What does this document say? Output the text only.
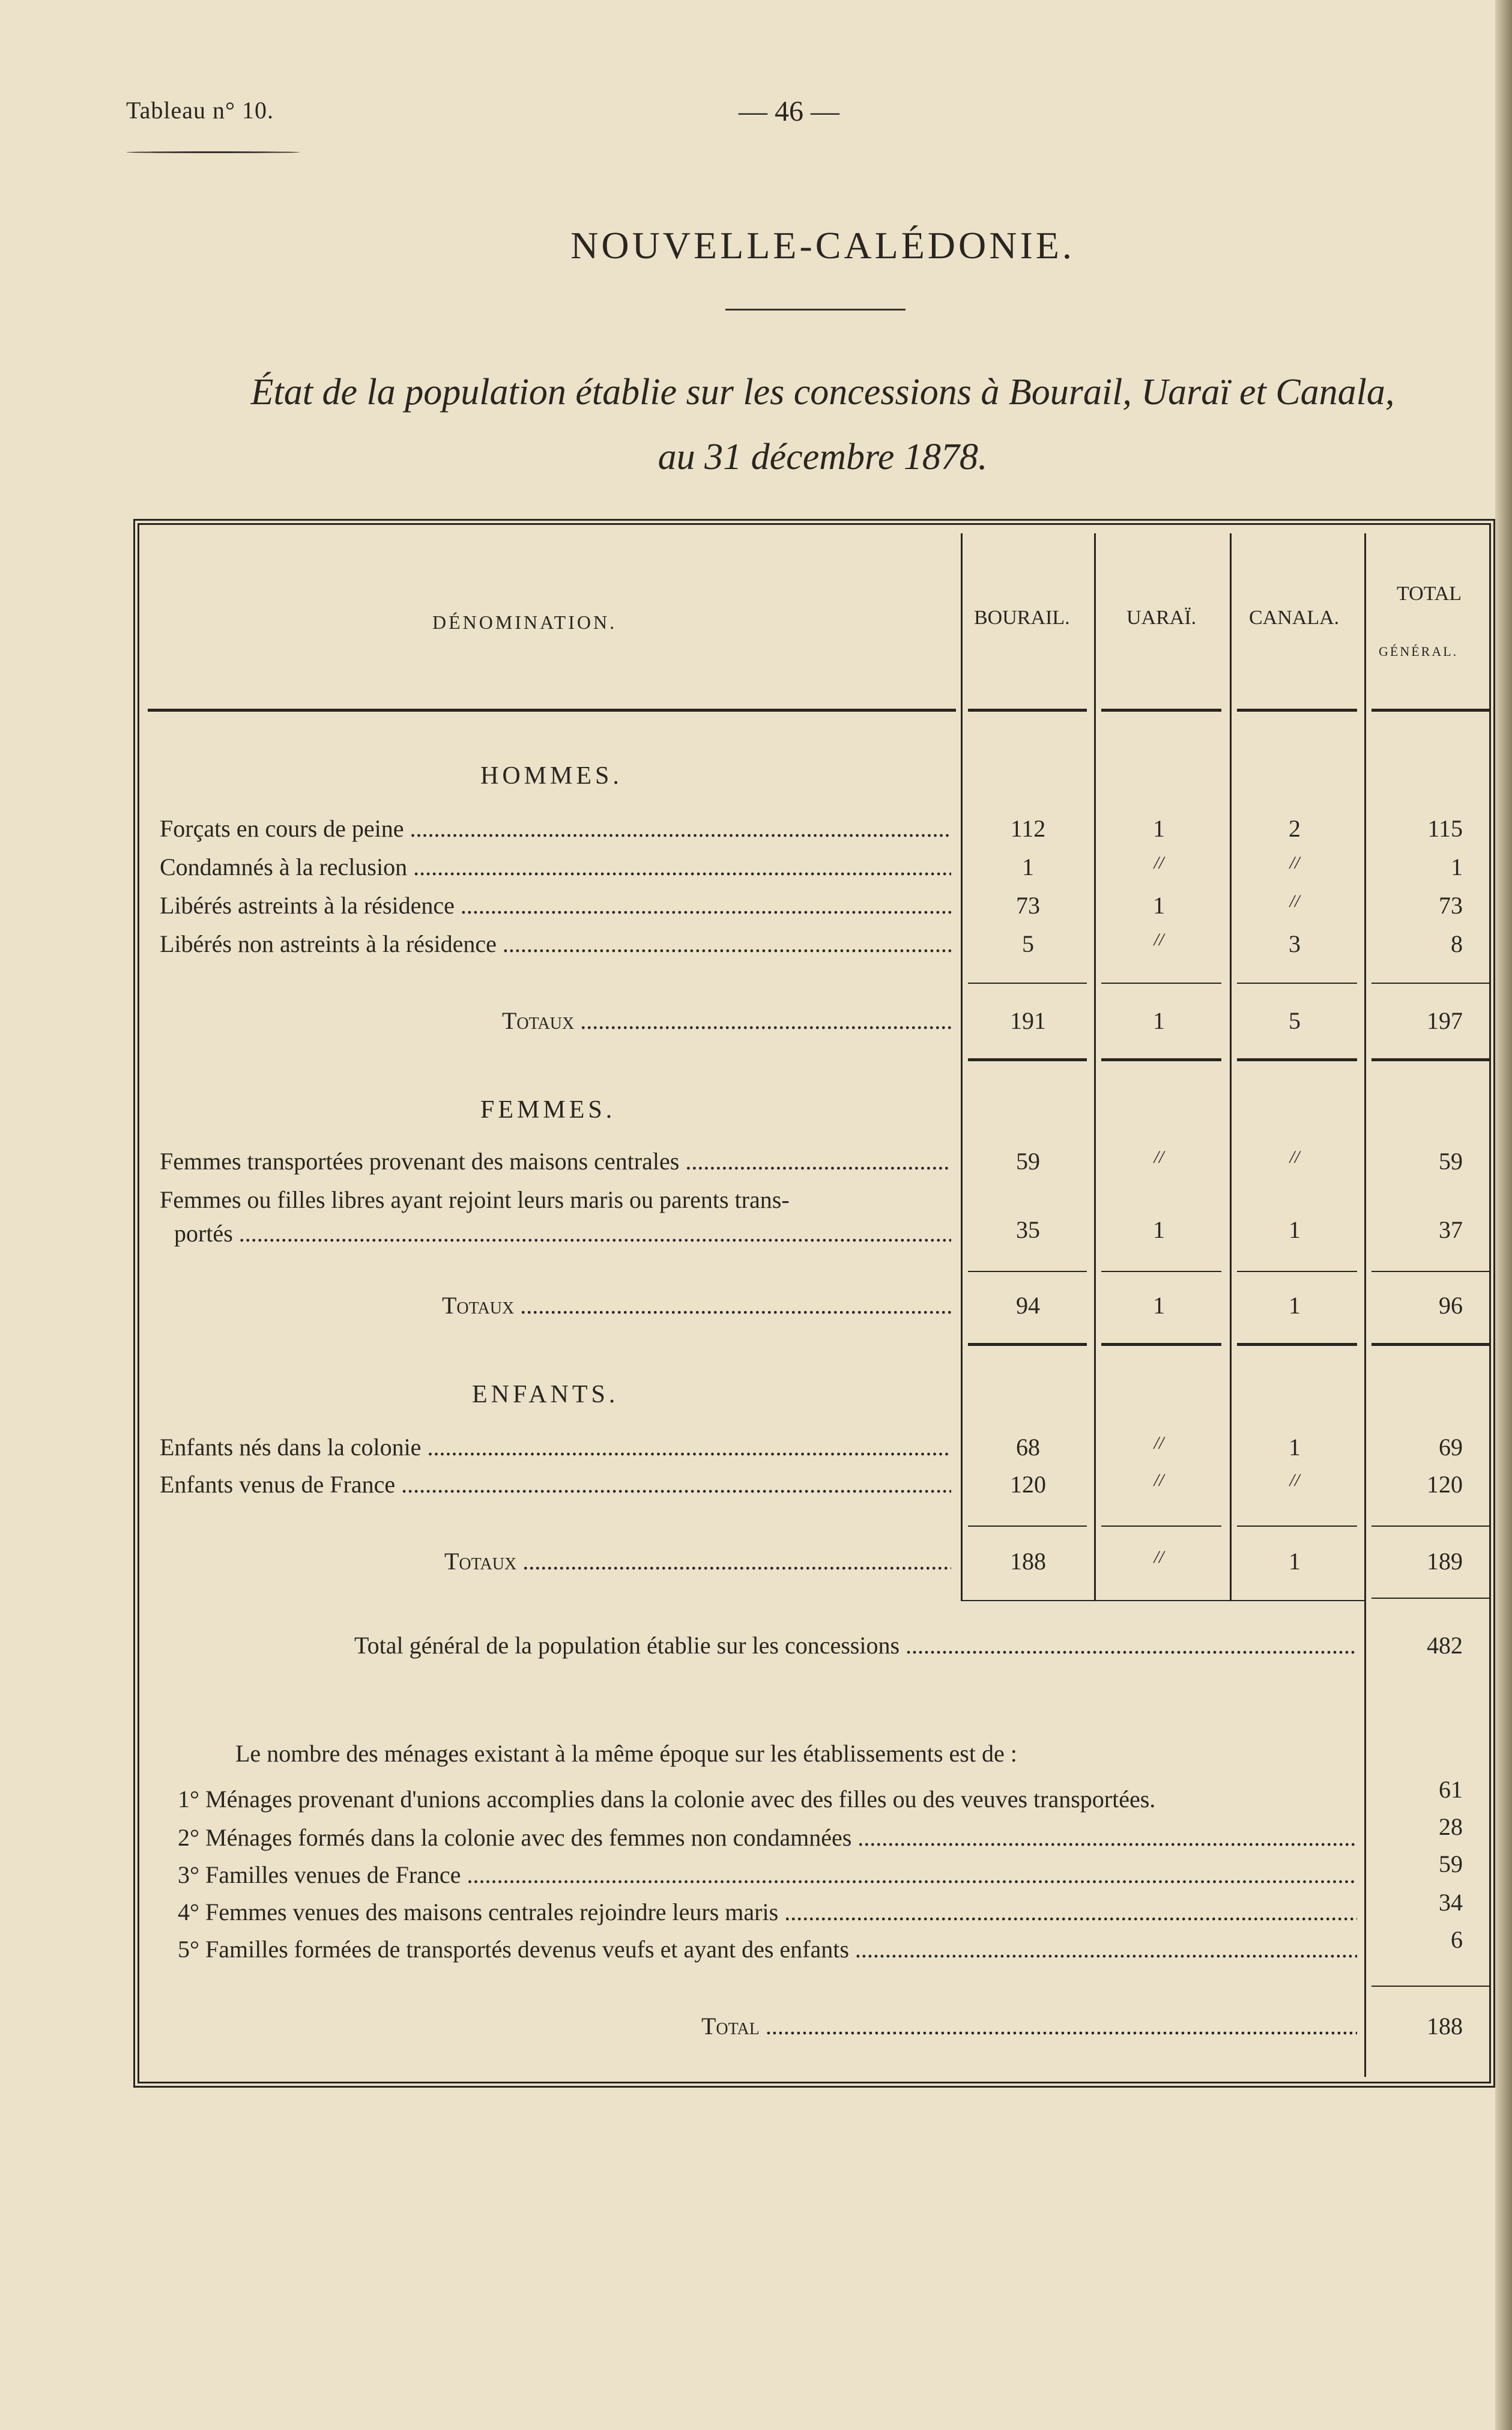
Tableau n° 10.	— 46 —
NOUVELLE-CALÉDONIE.
État de la population établie sur les concessions à Bourail, Uaraï et Canala,
au 31 décembre 1878.
DÉNOMINATION.	BOURAIL.	UARAÏ.	CANALA.
TOTAL
GÉNÉRAL.
HOMMES.
Forçats en cours de peine .....	112	1	2	115
Condamnés à la reclusion .....	1	//	//	1
Libérés astreints à la résidence .....	73	1	//	73
Libérés non astreints à la résidence .....	5	//	3	8
Totaux .....	191	1	5	197
FEMMES.
Femmes transportées provenant des maisons centrales .....	59	//	//	59
Femmes ou filles libres ayant rejoint leurs maris ou parents trans-
portés .....	35	1	1	37
Totaux .....	94	1	1	96
ENFANTS.
Enfants nés dans la colonie .....	68	//	1	69
Enfants venus de France .....	120	//	//	120
Totaux .....	188	//	1	189
Total général de la population établie sur les concessions .....	482
Le nombre des ménages existant à la même époque sur les établissements est de :
1° Ménages provenant d'unions accomplies dans la colonie avec des filles ou des veuves transportées.	61
2° Ménages formés dans la colonie avec des femmes non condamnées .....	28
3° Familles venues de France .....	59
4° Femmes venues des maisons centrales rejoindre leurs maris .....	34
5° Familles formées de transportés devenus veufs et ayant des enfants .....	6
Total .....	188
